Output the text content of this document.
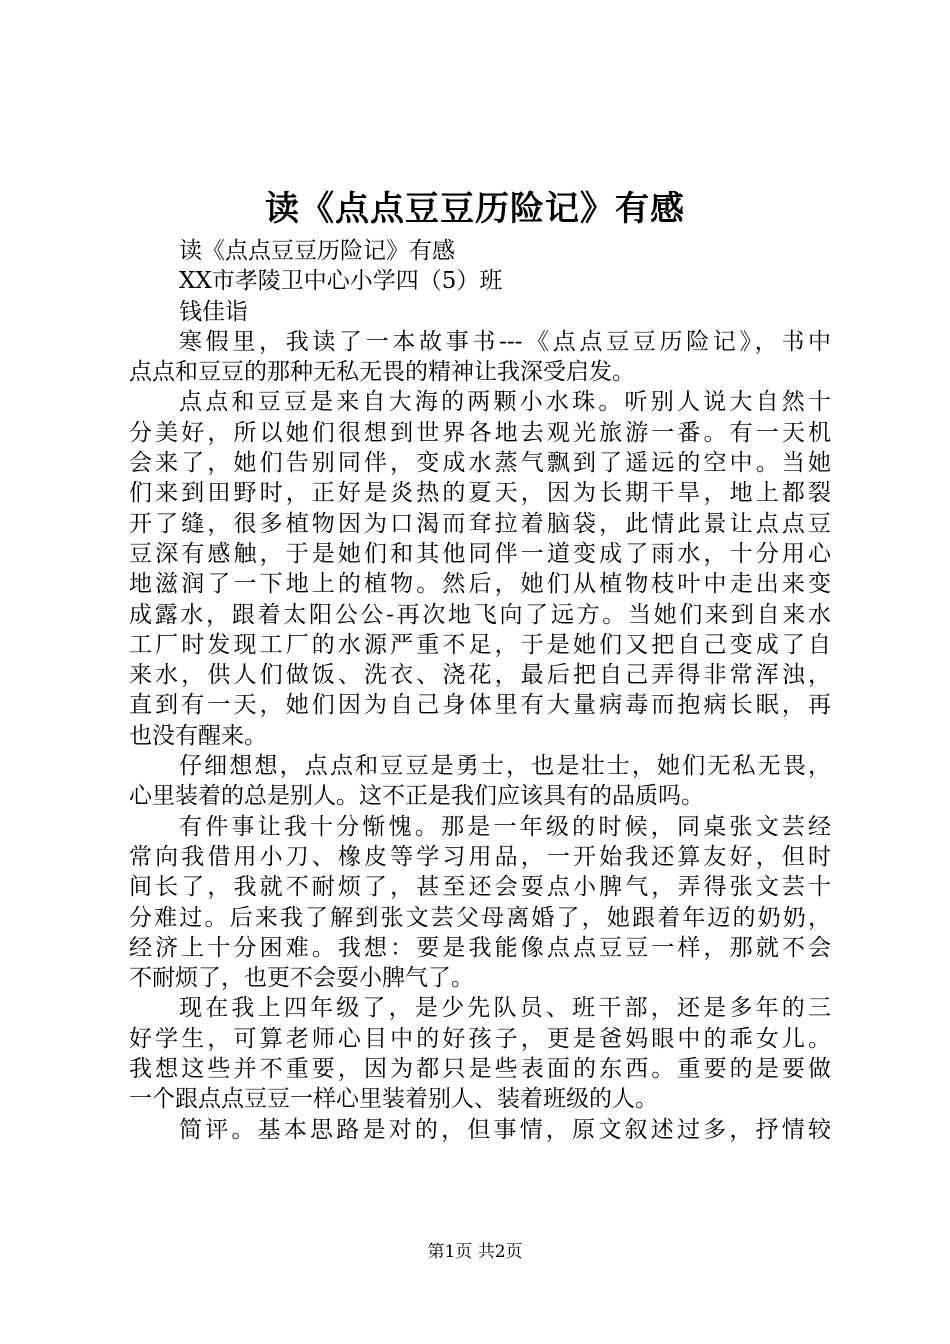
读《点点豆豆历险记》有感
读《点点豆豆历险记》有感
XX市孝陵卫中心小学四（5）班
钱佳诣
寒假里，我读了一本故事书---《点点豆豆历险记》，书中
点点和豆豆的那种无私无畏的精神让我深受启发。
点点和豆豆是来自大海的两颗小水珠。听别人说大自然十
分美好，所以她们很想到世界各地去观光旅游一番。有一天机
会来了，她们告别同伴，变成水蒸气飘到了遥远的空中。当她
们来到田野时，正好是炎热的夏天，因为长期干旱，地上都裂
开了缝，很多植物因为口渴而耷拉着脑袋，此情此景让点点豆
豆深有感触，于是她们和其他同伴一道变成了雨水，十分用心
地滋润了一下地上的植物。然后，她们从植物枝叶中走出来变
成露水，跟着太阳公公-再次地飞向了远方。当她们来到自来水
工厂时发现工厂的水源严重不足，于是她们又把自己变成了自
来水，供人们做饭、洗衣、浇花，最后把自己弄得非常浑浊，
直到有一天，她们因为自己身体里有大量病毒而抱病长眠，再
也没有醒来。
仔细想想，点点和豆豆是勇士，也是壮士，她们无私无畏，
心里装着的总是别人。这不正是我们应该具有的品质吗。
有件事让我十分惭愧。那是一年级的时候，同桌张文芸经
常向我借用小刀、橡皮等学习用品，一开始我还算友好，但时
间长了，我就不耐烦了，甚至还会耍点小脾气，弄得张文芸十
分难过。后来我了解到张文芸父母离婚了，她跟着年迈的奶奶，
经济上十分困难。我想：要是我能像点点豆豆一样，那就不会
不耐烦了，也更不会耍小脾气了。
现在我上四年级了，是少先队员、班干部，还是多年的三
好学生，可算老师心目中的好孩子，更是爸妈眼中的乖女儿。
我想这些并不重要，因为都只是些表面的东西。重要的是要做
一个跟点点豆豆一样心里装着别人、装着班级的人。
简评。基本思路是对的，但事情，原文叙述过多，抒情较
第1页 共2页
